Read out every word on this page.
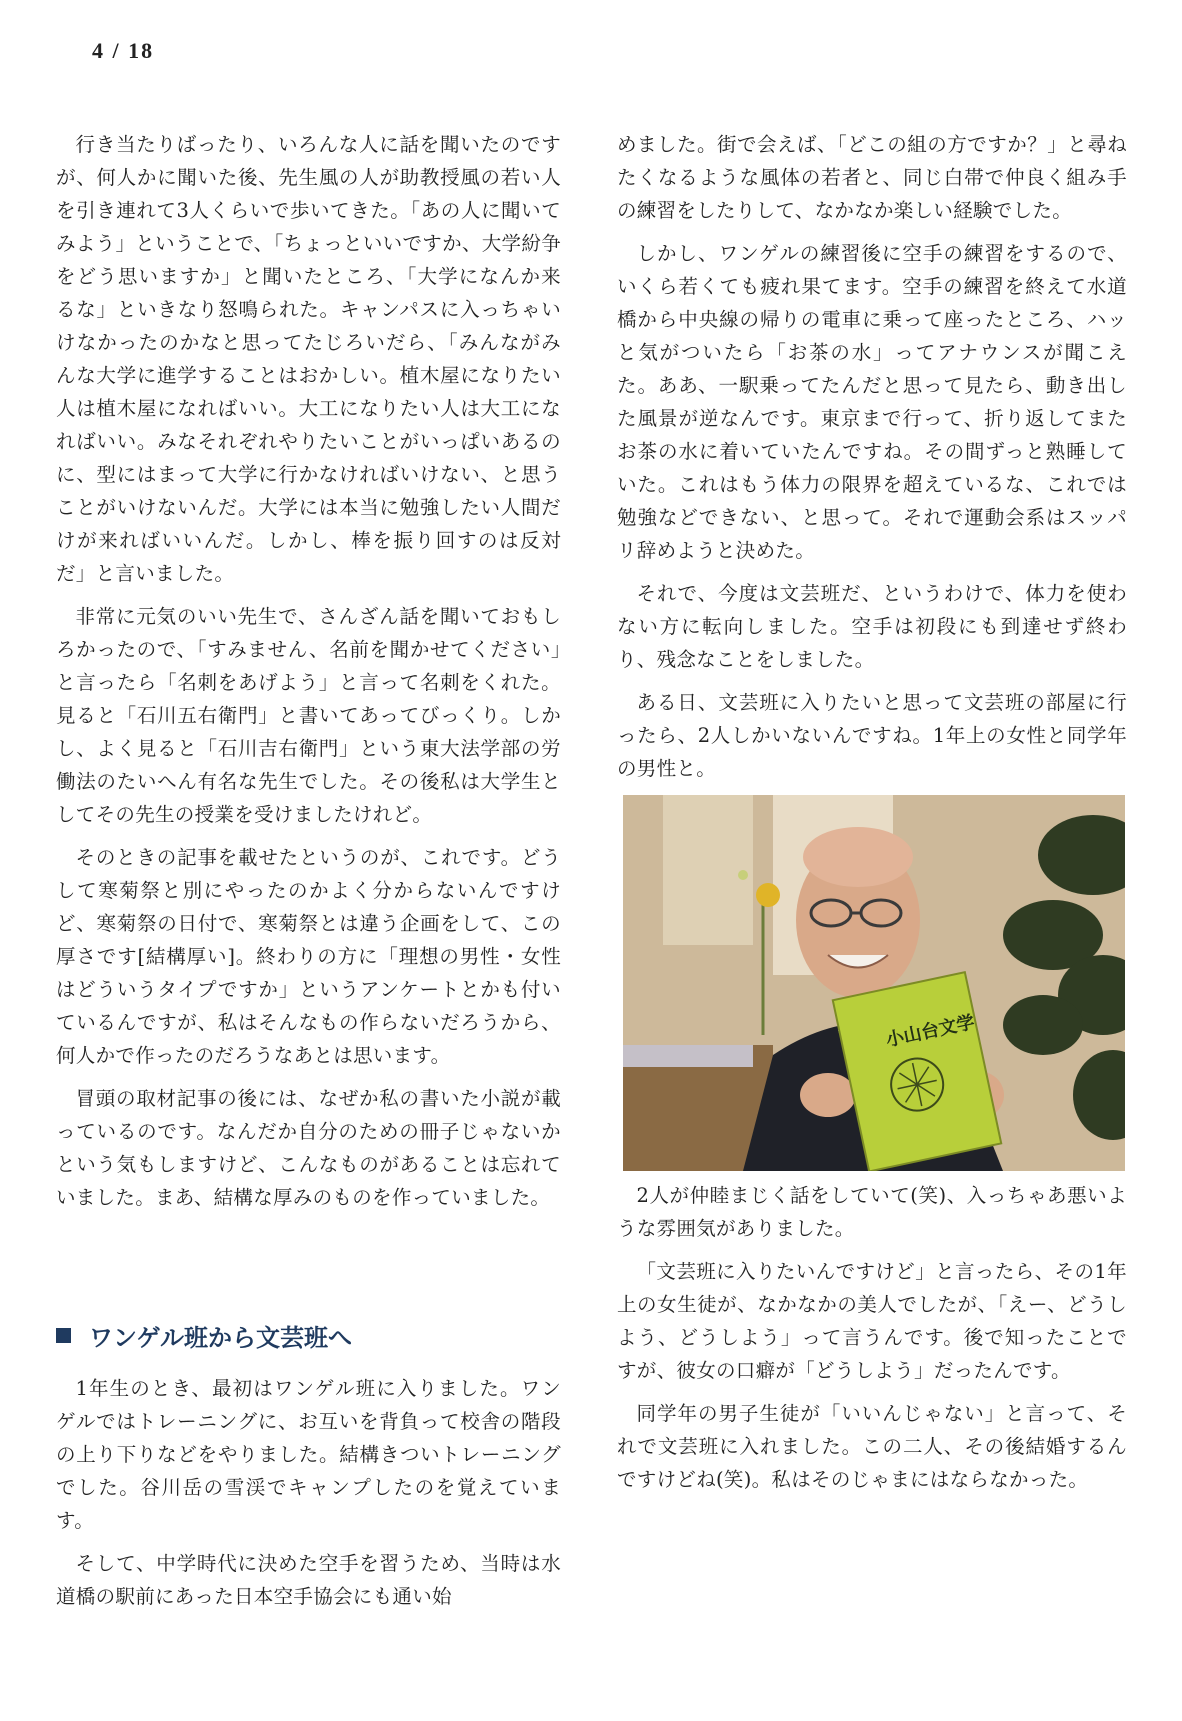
4 / 18

行き当たりばったり、いろんな人に話を聞いたのですが、何人かに聞いた後、先生風の人が助教授風の若い人を引き連れて3人くらいで歩いてきた。「あの人に聞いてみよう」ということで、「ちょっといいですか、大学紛争をどう思いますか」と聞いたところ、「大学になんか来るな」といきなり怒鳴られた。キャンパスに入っちゃいけなかったのかなと思ってたじろいだら、「みんながみんな大学に進学することはおかしい。植木屋になりたい人は植木屋になればいい。大工になりたい人は大工になればいい。みなそれぞれやりたいことがいっぱいあるのに、型にはまって大学に行かなければいけない、と思うことがいけないんだ。大学には本当に勉強したい人間だけが来ればいいんだ。しかし、棒を振り回すのは反対だ」と言いました。

非常に元気のいい先生で、さんざん話を聞いておもしろかったので、「すみません、名前を聞かせてください」と言ったら「名刺をあげよう」と言って名刺をくれた。見ると「石川五右衛門」と書いてあってびっくり。しかし、よく見ると「石川吉右衛門」という東大法学部の労働法のたいへん有名な先生でした。その後私は大学生としてその先生の授業を受けましたけれど。

そのときの記事を載せたというのが、これです。どうして寒菊祭と別にやったのかよく分からないんですけど、寒菊祭の日付で、寒菊祭とは違う企画をして、この厚さです[結構厚い]。終わりの方に「理想の男性・女性はどういうタイプですか」というアンケートとかも付いているんですが、私はそんなもの作らないだろうから、何人かで作ったのだろうなあとは思います。

冒頭の取材記事の後には、なぜか私の書いた小説が載っているのです。なんだか自分のための冊子じゃないかという気もしますけど、こんなものがあることは忘れていました。まあ、結構な厚みのものを作っていました。

ワンゲル班から文芸班へ

1年生のとき、最初はワンゲル班に入りました。ワンゲルではトレーニングに、お互いを背負って校舎の階段の上り下りなどをやりました。結構きついトレーニングでした。谷川岳の雪渓でキャンプしたのを覚えています。

そして、中学時代に決めた空手を習うため、当時は水道橋の駅前にあった日本空手協会にも通い始

めました。街で会えば、「どこの組の方ですか？」と尋ねたくなるような風体の若者と、同じ白帯で仲良く組み手の練習をしたりして、なかなか楽しい経験でした。

しかし、ワンゲルの練習後に空手の練習をするので、いくら若くても疲れ果てます。空手の練習を終えて水道橋から中央線の帰りの電車に乗って座ったところ、ハッと気がついたら「お茶の水」ってアナウンスが聞こえた。ああ、一駅乗ってたんだと思って見たら、動き出した風景が逆なんです。東京まで行って、折り返してまたお茶の水に着いていたんですね。その間ずっと熟睡していた。これはもう体力の限界を超えているな、これでは勉強などできない、と思って。それで運動会系はスッパリ辞めようと決めた。

それで、今度は文芸班だ、というわけで、体力を使わない方に転向しました。空手は初段にも到達せず終わり、残念なことをしました。

ある日、文芸班に入りたいと思って文芸班の部屋に行ったら、2人しかいないんですね。1年上の女性と同学年の男性と。

小山台文学

2人が仲睦まじく話をしていて(笑)、入っちゃあ悪いような雰囲気がありました。

「文芸班に入りたいんですけど」と言ったら、その1年上の女生徒が、なかなかの美人でしたが、「えー、どうしよう、どうしよう」って言うんです。後で知ったことですが、彼女の口癖が「どうしよう」だったんです。

同学年の男子生徒が「いいんじゃない」と言って、それで文芸班に入れました。この二人、その後結婚するんですけどね(笑)。私はそのじゃまにはならなかった。
